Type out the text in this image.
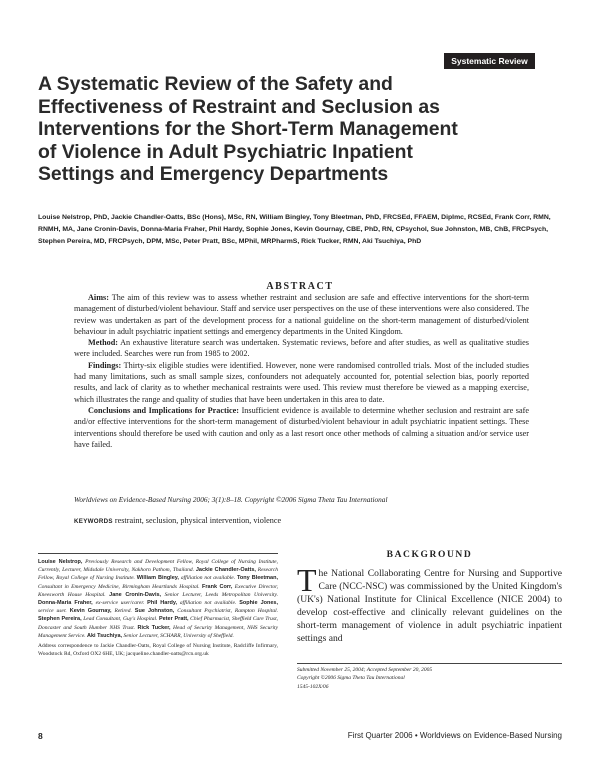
Systematic Review
A Systematic Review of the Safety and
Effectiveness of Restraint and Seclusion as
Interventions for the Short-Term Management
of Violence in Adult Psychiatric Inpatient
Settings and Emergency Departments

Louise Nelstrop, PhD, Jackie Chandler-Oatts, BSc (Hons), MSc, RN, William Bingley, Tony Bleetman, PhD, FRCSEd, FFAEM, DipImc, RCSEd, Frank Corr, RMN, RNMH, MA, Jane Cronin-Davis, Donna-Maria Fraher, Phil Hardy, Sophie Jones, Kevin Gournay, CBE, PhD, RN, CPsychol, Sue Johnston, MB, ChB, FRCPsych, Stephen Pereira, MD, FRCPsych, DPM, MSc, Peter Pratt, BSc, MPhil, MRPharmS, Rick Tucker, RMN, Aki Tsuchiya, PhD

ABSTRACT

Aims: The aim of this review was to assess whether restraint and seclusion are safe and effective interventions for the short-term management of disturbed/violent behaviour. Staff and service user perspectives on the use of these interventions were also considered. The review was undertaken as part of the development process for a national guideline on the short-term management of disturbed/violent behaviour in adult psychiatric inpatient settings and emergency departments in the United Kingdom.

Method: An exhaustive literature search was undertaken. Systematic reviews, before and after studies, as well as qualitative studies were included. Searches were run from 1985 to 2002.

Findings: Thirty-six eligible studies were identified. However, none were randomised controlled trials. Most of the included studies had many limitations, such as small sample sizes, confounders not adequately accounted for, potential selection bias, poorly reported results, and lack of clarity as to whether mechanical restraints were used. This review must therefore be viewed as a mapping exercise, which illustrates the range and quality of studies that have been undertaken in this area to date.

Conclusions and Implications for Practice: Insufficient evidence is available to determine whether seclusion and restraint are safe and/or effective interventions for the short-term management of disturbed/violent behaviour in adult psychiatric inpatient settings. These interventions should therefore be used with caution and only as a last resort once other methods of calming a situation and/or service user have failed.

Worldviews on Evidence-Based Nursing 2006; 3(1):8–18. Copyright ©2006 Sigma Theta Tau International
KEYWORDS restraint, seclusion, physical intervention, violence

Louise Nelstrop, Previously Research and Development Fellow, Royal College of Nursing Institute, Currently, Lecturer, Midsdale University, Nakhorn Pathom, Thailand. Jackie Chandler-Oatts, Research Fellow, Royal College of Nursing Institute. William Bingley, affiliation not available. Tony Bleetman, Consultant in Emergency Medicine, Birmingham Heartlands Hospital. Frank Corr, Executive Director, Kneesworth House Hospital. Jane Cronin-Davis, Senior Lecturer, Leeds Metropolitan University. Donna-Maria Fraher, ex-service user/carer. Phil Hardy, affiliation not available. Sophie Jones, service user. Kevin Gournay, Retired. Sue Johnston, Consultant Psychiatrist, Rampton Hospital. Stephen Pereira, Lead Consultant, Guy's Hospital. Peter Pratt, Chief Pharmacist, Sheffield Care Trust, Doncaster and South Humber NHS Trust. Rick Tucker, Head of Security Management, NHS Security Management Service. Aki Tsuchiya, Senior Lecturer, SCHARR, University of Sheffield.

Address correspondence to Jackie Chandler-Oatts, Royal College of Nursing Institute, Radcliffe Infirmary, Woodstock Rd, Oxford OX2 6HE, UK; jacqueline.chandler-oatts@rcn.org.uk

BACKGROUND

The National Collaborating Centre for Nursing and Supportive Care (NCC-NSC) was commissioned by the United Kingdom's (UK's) National Institute for Clinical Excellence (NICE 2004) to develop cost-effective and clinically relevant guidelines on the short-term management of violence in adult psychiatric inpatient settings and

Submitted November 25, 2004; Accepted September 20, 2005
Copyright ©2006 Sigma Theta Tau International
1545-102X/06
8	First Quarter 2006 • Worldviews on Evidence-Based Nursing
